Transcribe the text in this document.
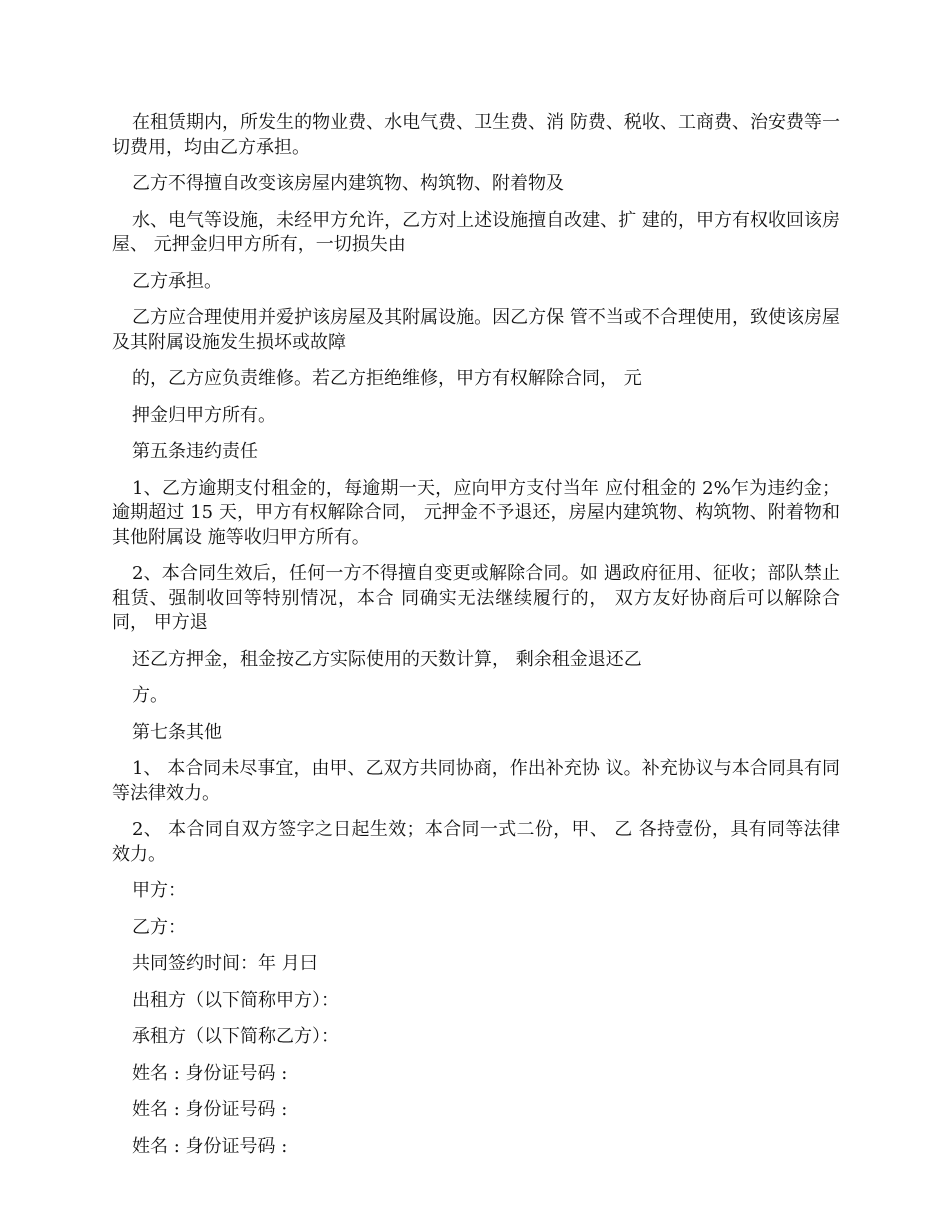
在租赁期内，所发生的物业费、水电气费、卫生费、消 防费、税收、工商费、治安费等一切费用，均由乙方承担。

乙方不得擅自改变该房屋内建筑物、构筑物、附着物及

水、电气等设施，未经甲方允许，乙方对上述设施擅自改建、扩 建的，甲方有权收回该房屋、 元押金归甲方所有，一切损失由

乙方承担。

乙方应合理使用并爱护该房屋及其附属设施。因乙方保 管不当或不合理使用，致使该房屋及其附属设施发生损坏或故障

的，乙方应负责维修。若乙方拒绝维修，甲方有权解除合同， 元

押金归甲方所有。

第五条违约责任

1、乙方逾期支付租金的，每逾期一天，应向甲方支付当年 应付租金的 2%乍为违约金；逾期超过 15 天，甲方有权解除合同， 元押金不予退还，房屋内建筑物、构筑物、附着物和其他附属设 施等收归甲方所有。

2、本合同生效后，任何一方不得擅自变更或解除合同。如 遇政府征用、征收；部队禁止租赁、强制收回等特别情况，本合 同确实无法继续履行的， 双方友好协商后可以解除合同， 甲方退

还乙方押金，租金按乙方实际使用的天数计算， 剩余租金退还乙

方。

第七条其他

1、 本合同未尽事宜，由甲、乙双方共同协商，作出补充协 议。补充协议与本合同具有同等法律效力。

2、 本合同自双方签字之日起生效；本合同一式二份，甲、 乙 各持壹份，具有同等法律效力。

甲方：

乙方：

共同签约时间：年 月曰

出租方（以下简称甲方）：

承租方（以下简称乙方）：

姓名 : 身份证号码 :

姓名 : 身份证号码 :

姓名 : 身份证号码 :
